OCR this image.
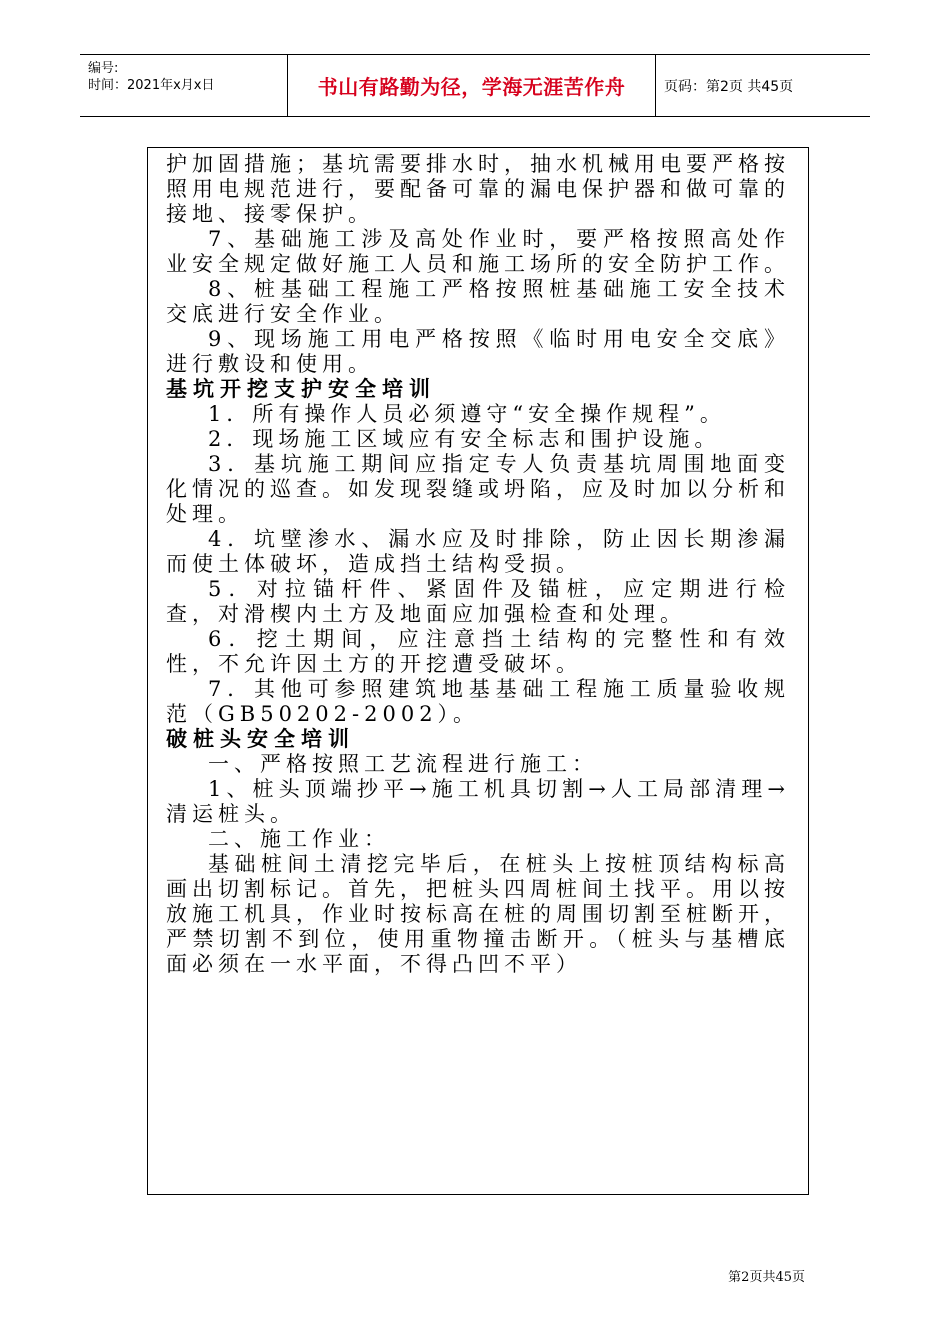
编号:
时间：2021年x月x日	书山有路勤为径，学海无涯苦作舟	页码：第2页 共45页

护加固措施；基坑需要排水时，抽水机械用电要严格按照用电规范进行，要配备可靠的漏电保护器和做可靠的接地、接零保护。

7、基础施工涉及高处作业时，要严格按照高处作业安全规定做好施工人员和施工场所的安全防护工作。

8、桩基础工程施工严格按照桩基础施工安全技术交底进行安全作业。

9、现场施工用电严格按照《临时用电安全交底》进行敷设和使用。

基坑开挖支护安全培训

1．所有操作人员必须遵守“安全操作规程”。

2．现场施工区域应有安全标志和围护设施。

3．基坑施工期间应指定专人负责基坑周围地面变化情况的巡查。如发现裂缝或坍陷，应及时加以分析和处理。

4．坑壁渗水、漏水应及时排除，防止因长期渗漏而使土体破坏，造成挡土结构受损。

5．对拉锚杆件、紧固件及锚桩，应定期进行检查，对滑楔内土方及地面应加强检查和处理。

6．挖土期间，应注意挡土结构的完整性和有效性，不允许因土方的开挖遭受破坏。

7．其他可参照建筑地基基础工程施工质量验收规范（GB50202-2002）。

破桩头安全培训

一、严格按照工艺流程进行施工：

1、桩头顶端抄平→施工机具切割→人工局部清理→ 清运桩头。

二、施工作业：

基础桩间土清挖完毕后，在桩头上按桩顶结构标高画出切割标记。首先，把桩头四周桩间土找平。用以按放施工机具，作业时按标高在桩的周围切割至桩断开，严禁切割不到位，使用重物撞击断开。（桩头与基槽底面必须在一水平面，不得凸凹不平）

第2页共45页
